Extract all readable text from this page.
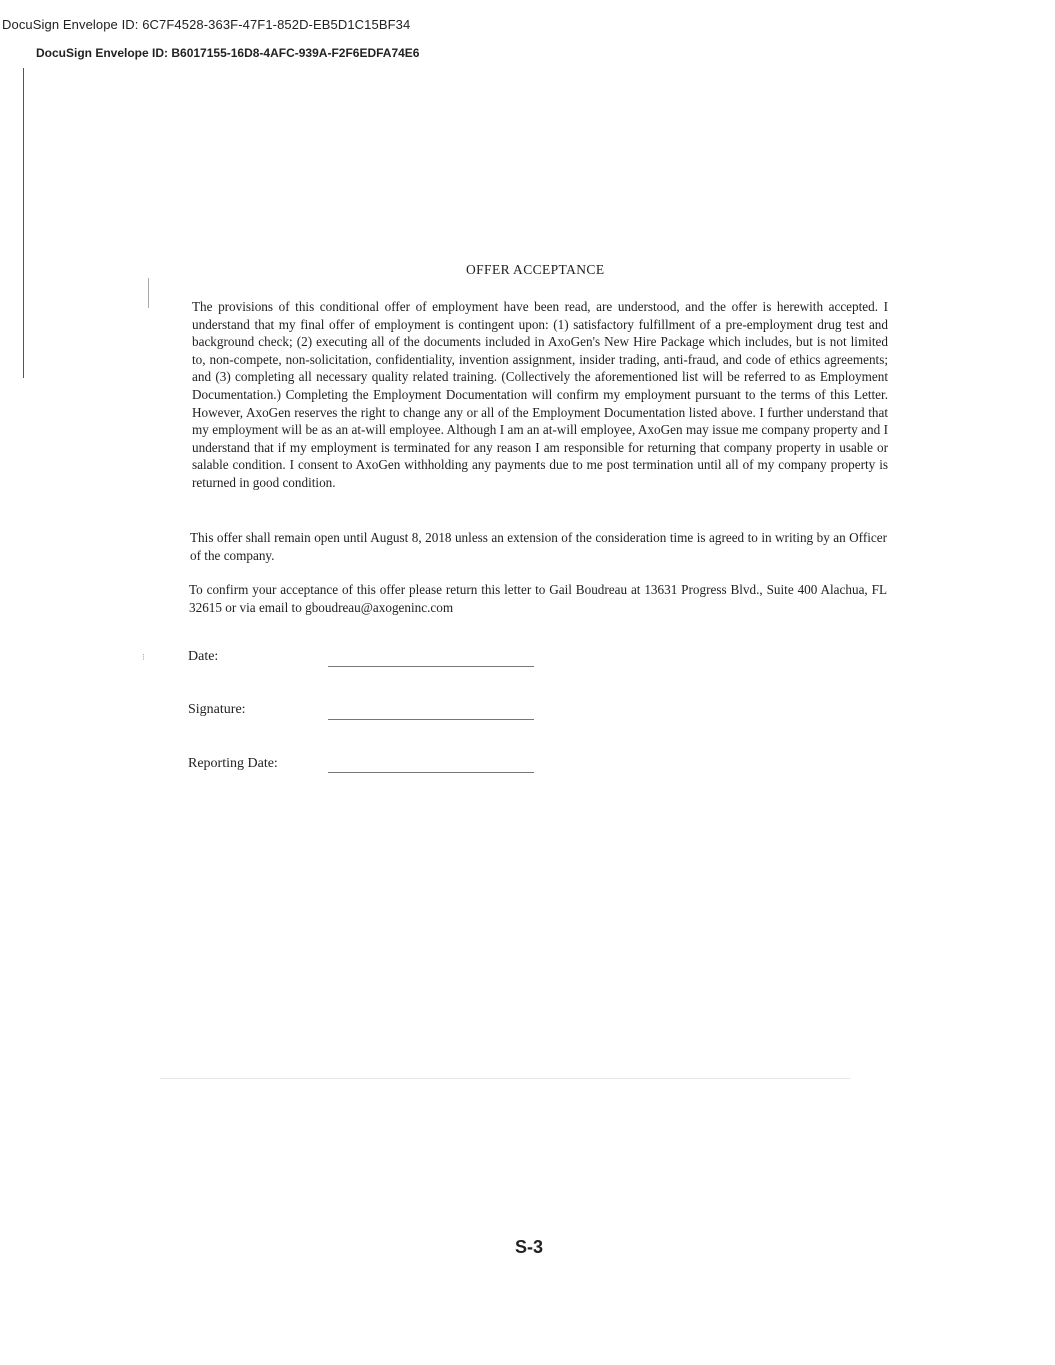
DocuSign Envelope ID: 6C7F4528-363F-47F1-852D-EB5D1C15BF34
DocuSign Envelope ID: B6017155-16D8-4AFC-939A-F2F6EDFA74E6
OFFER ACCEPTANCE
The provisions of this conditional offer of employment have been read, are understood, and the offer is herewith accepted. I understand that my final offer of employment is contingent upon: (1) satisfactory fulfillment of a pre-employment drug test and background check; (2) executing all of the documents included in AxoGen's New Hire Package which includes, but is not limited to, non-compete, non-solicitation, confidentiality, invention assignment, insider trading, anti-fraud, and code of ethics agreements; and (3) completing all necessary quality related training. (Collectively the aforementioned list will be referred to as Employment Documentation.) Completing the Employment Documentation will confirm my employment pursuant to the terms of this Letter. However, AxoGen reserves the right to change any or all of the Employment Documentation listed above. I further understand that my employment will be as an at-will employee. Although I am an at-will employee, AxoGen may issue me company property and I understand that if my employment is terminated for any reason I am responsible for returning that company property in usable or salable condition. I consent to AxoGen withholding any payments due to me post termination until all of my company property is returned in good condition.
This offer shall remain open until August 8, 2018 unless an extension of the consideration time is agreed to in writing by an Officer of the company.
To confirm your acceptance of this offer please return this letter to Gail Boudreau at 13631 Progress Blvd., Suite 400 Alachua, FL 32615 or via email to gboudreau@axogeninc.com
⁝	Date:
Signature:
Reporting Date:
S-3
